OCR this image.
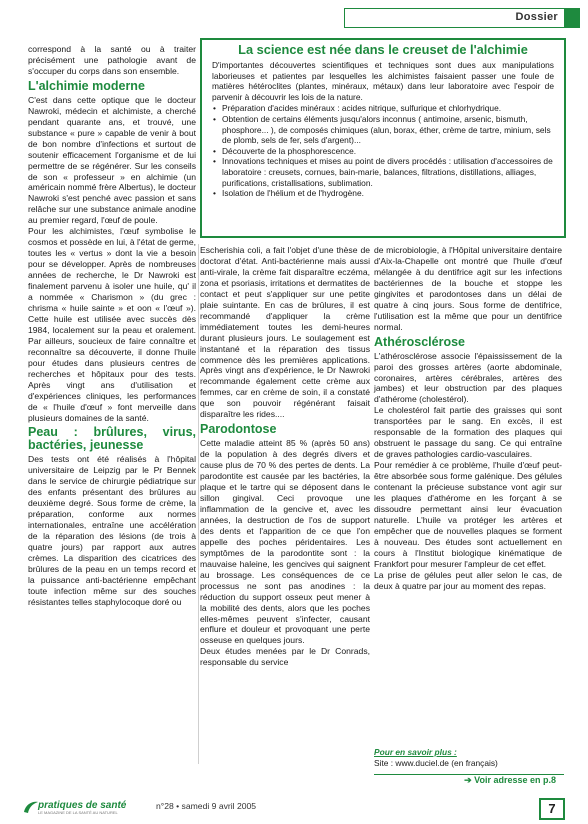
Dossier

correspond à la santé ou à traiter précisément une pathologie avant de s'occuper du corps dans son ensemble.

L'alchimie moderne

C'est dans cette optique que le docteur Nawroki, médecin et alchimiste, a cherché pendant quarante ans, et trouvé, une substance « pure » capable de venir à bout de bon nombre d'infections et surtout de soutenir efficacement l'organisme et de lui permettre de se régénérer. Sur les conseils de son « professeur » en alchimie (un américain nommé frère Albertus), le docteur Nawroki s'est penché avec passion et sans relâche sur une substance animale anodine au premier regard, l'œuf de poule.

Pour les alchimistes, l'œuf symbolise le cosmos et possède en lui, à l'état de germe, toutes les « vertus » dont la vie a besoin pour se développer. Après de nombreuses années de recherche, le Dr Nawroki est finalement parvenu à isoler une huile, qu' il a nommée « Charismon » (du grec : chrisma « huile sainte » et oon « l'œuf »). Cette huile est utilisée avec succès dès 1984, localement sur la peau et oralement. Par ailleurs, soucieux de faire connaître et reconnaître sa découverte, il donne l'huile pour études dans plusieurs centres de recherches et hôpitaux pour des tests. Après vingt ans d'utilisation et d'expériences cliniques, les performances de « l'huile d'œuf » font merveille dans plusieurs domaines de la santé.

Peau : brûlures, virus, bactéries, jeunesse

Des tests ont été réalisés à l'hôpital universitaire de Leipzig par le Pr Bennek dans le service de chirurgie pédiatrique sur des enfants présentant des brûlures au deuxième degré. Sous forme de crème, la préparation, conforme aux normes internationales, entraîne une accélération de la réparation des lésions (de trois à quatre jours) par rapport aux autres crèmes. La disparition des cicatrices des brûlures de la peau en un temps record et la puissance anti-bactérienne empêchant toute infection même sur des souches résistantes telles staphylocoque doré ou

La science est née dans le creuset de l'alchimie

D'importantes découvertes scientifiques et techniques sont dues aux manipulations laborieuses et patientes par lesquelles les alchimistes faisaient passer une foule de matières hétéroclites (plantes, minéraux, métaux) dans leur laboratoire avec l'espoir de parvenir à découvrir les lois de la nature.

• Préparation d'acides minéraux : acides nitrique, sulfurique et chlorhydrique.
• Obtention de certains éléments jusqu'alors inconnus ( antimoine, arsenic, bismuth, phosphore... ), de composés chimiques (alun, borax, éther, crème de tartre, minium, sels de plomb, sels de fer, sels d'argent)...
• Découverte de la phosphorescence.
• Innovations techniques et mises au point de divers procédés : utilisation d'accessoires de laboratoire : creusets, cornues, bain-marie, balances, filtrations, distillations, alliages, purifications, cristallisations, sublimation.
• Isolation de l'hélium et de l'hydrogène.

Escherishia coli, a fait l'objet d'une thèse de doctorat d'état. Anti-bactérienne mais aussi anti-virale, la crème fait disparaître eczéma, zona et psoriasis, irritations et dermatites de contact et peut s'appliquer sur une petite plaie suintante. En cas de brûlures, il est recommandé d'appliquer la crème immédiatement toutes les demi-heures durant plusieurs jours. Le soulagement est instantané et la réparation des tissus commence dès les premières applications. Après vingt ans d'expérience, le Dr Nawroki recommande également cette crème aux femmes, car en crème de soin, il a constaté que son pouvoir régénérant faisait disparaître les rides....

Parodontose

Cette maladie atteint 85 % (après 50 ans) de la population à des degrés divers et cause plus de 70 % des pertes de dents. La parodontite est causée par les bactéries, la plaque et le tartre qui se déposent dans le sillon gingival. Ceci provoque une inflammation de la gencive et, avec les années, la destruction de l'os de support des dents et l'apparition de ce que l'on appelle des poches péridentaires. Les symptômes de la parodontite sont : la mauvaise haleine, les gencives qui saignent au brossage. Les conséquences de ce processus ne sont pas anodines : la réduction du support osseux peut mener à la mobilité des dents, alors que les poches elles-mêmes peuvent s'infecter, causant enflure et douleur et provoquant une perte osseuse en quelques jours.

Deux études menées par le Dr Conrads, responsable du service

de microbiologie, à l'Hôpital universitaire dentaire d'Aix-la-Chapelle ont montré que l'huile d'œuf mélangée à du dentifrice agit sur les infections bactériennes de la bouche et stoppe les gingivites et parodontoses dans un délai de quatre à cinq jours. Sous forme de dentifrice, l'utilisation est la même que pour un dentifrice normal.

Athérosclérose

L'athérosclérose associe l'épaississement de la paroi des grosses artères (aorte abdominale, coronaires, artères cérébrales, artères des jambes) et leur obstruction par des plaques d'athérome (cholestérol).

Le cholestérol fait partie des graisses qui sont transportées par le sang. En excès, il est responsable de la formation des plaques qui obstruent le passage du sang. Ce qui entraîne de graves pathologies cardio-vasculaires.

Pour remédier à ce problème, l'huile d'œuf peut-être absorbée sous forme galénique. Des gélules contenant la précieuse substance vont agir sur les plaques d'athérome en les forçant à se dissoudre permettant ainsi leur évacuation naturelle. L'huile va protéger les artères et empêcher que de nouvelles plaques se forment à nouveau. Des études sont actuellement en cours à l'Institut biologique kinématique de Frankfort pour mesurer l'ampleur de cet effet.

La prise de gélules peut aller selon le cas, de deux à quatre par jour au moment des repas.

Pour en savoir plus :
Site : www.duciel.de (en français)
➔ Voir adresse en p.8
pratiques de santé
LE MAGAZINE DE LA SANTÉ AU NATUREL
n°28 • samedi 9 avril 2005	7
